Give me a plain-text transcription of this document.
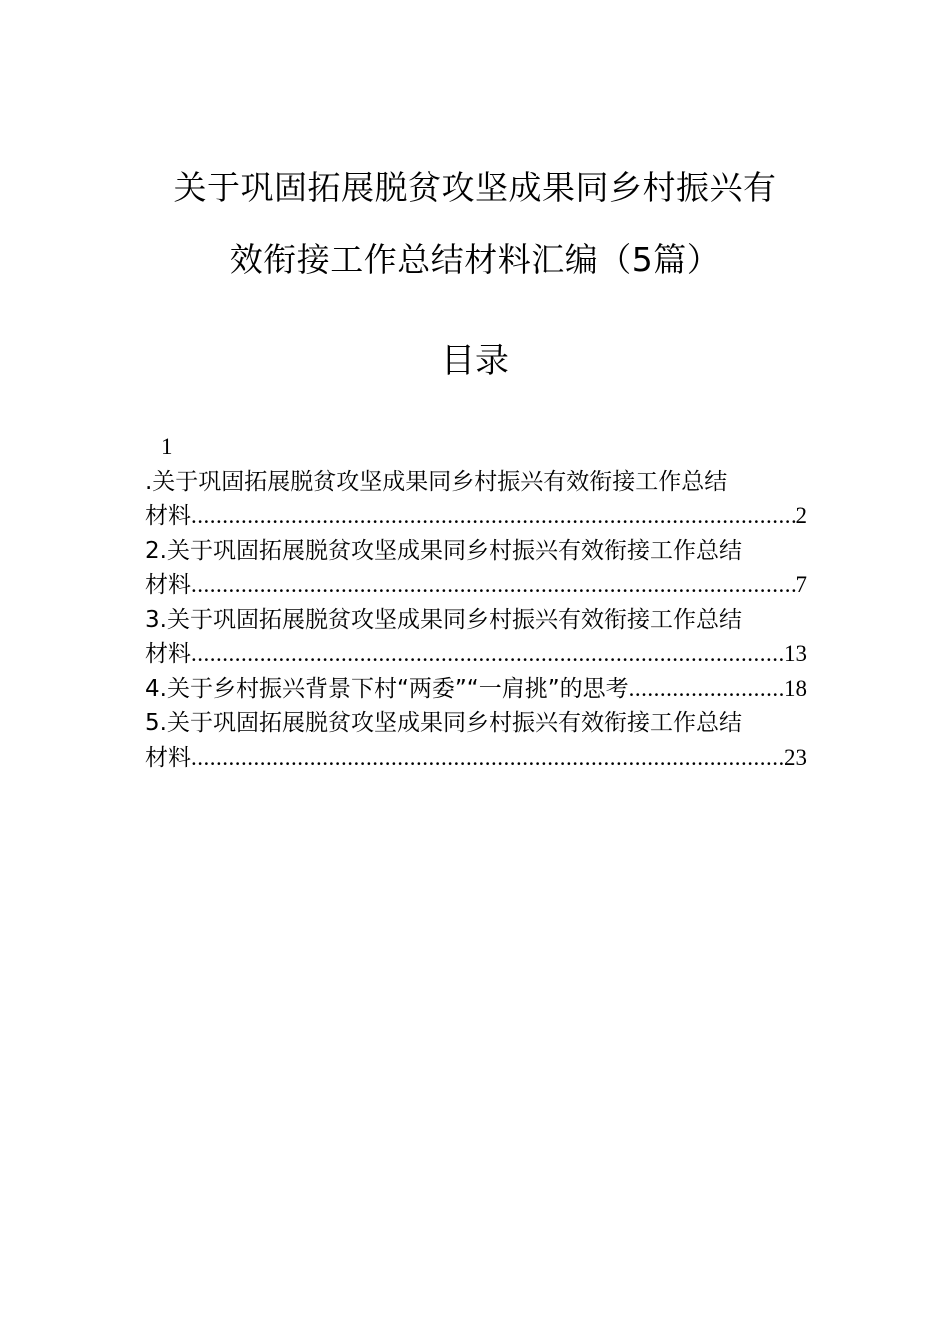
关于巩固拓展脱贫攻坚成果同乡村振兴有
效衔接工作总结材料汇编（5篇）
目录
1
.关于巩固拓展脱贫攻坚成果同乡村振兴有效衔接工作总结
材料 .....	2
2.关于巩固拓展脱贫攻坚成果同乡村振兴有效衔接工作总结
材料 .....	7
3.关于巩固拓展脱贫攻坚成果同乡村振兴有效衔接工作总结
材料 .....	13
4.关于乡村振兴背景下村“两委”“一肩挑”的思考 .....	18
5.关于巩固拓展脱贫攻坚成果同乡村振兴有效衔接工作总结
材料 .....	23
